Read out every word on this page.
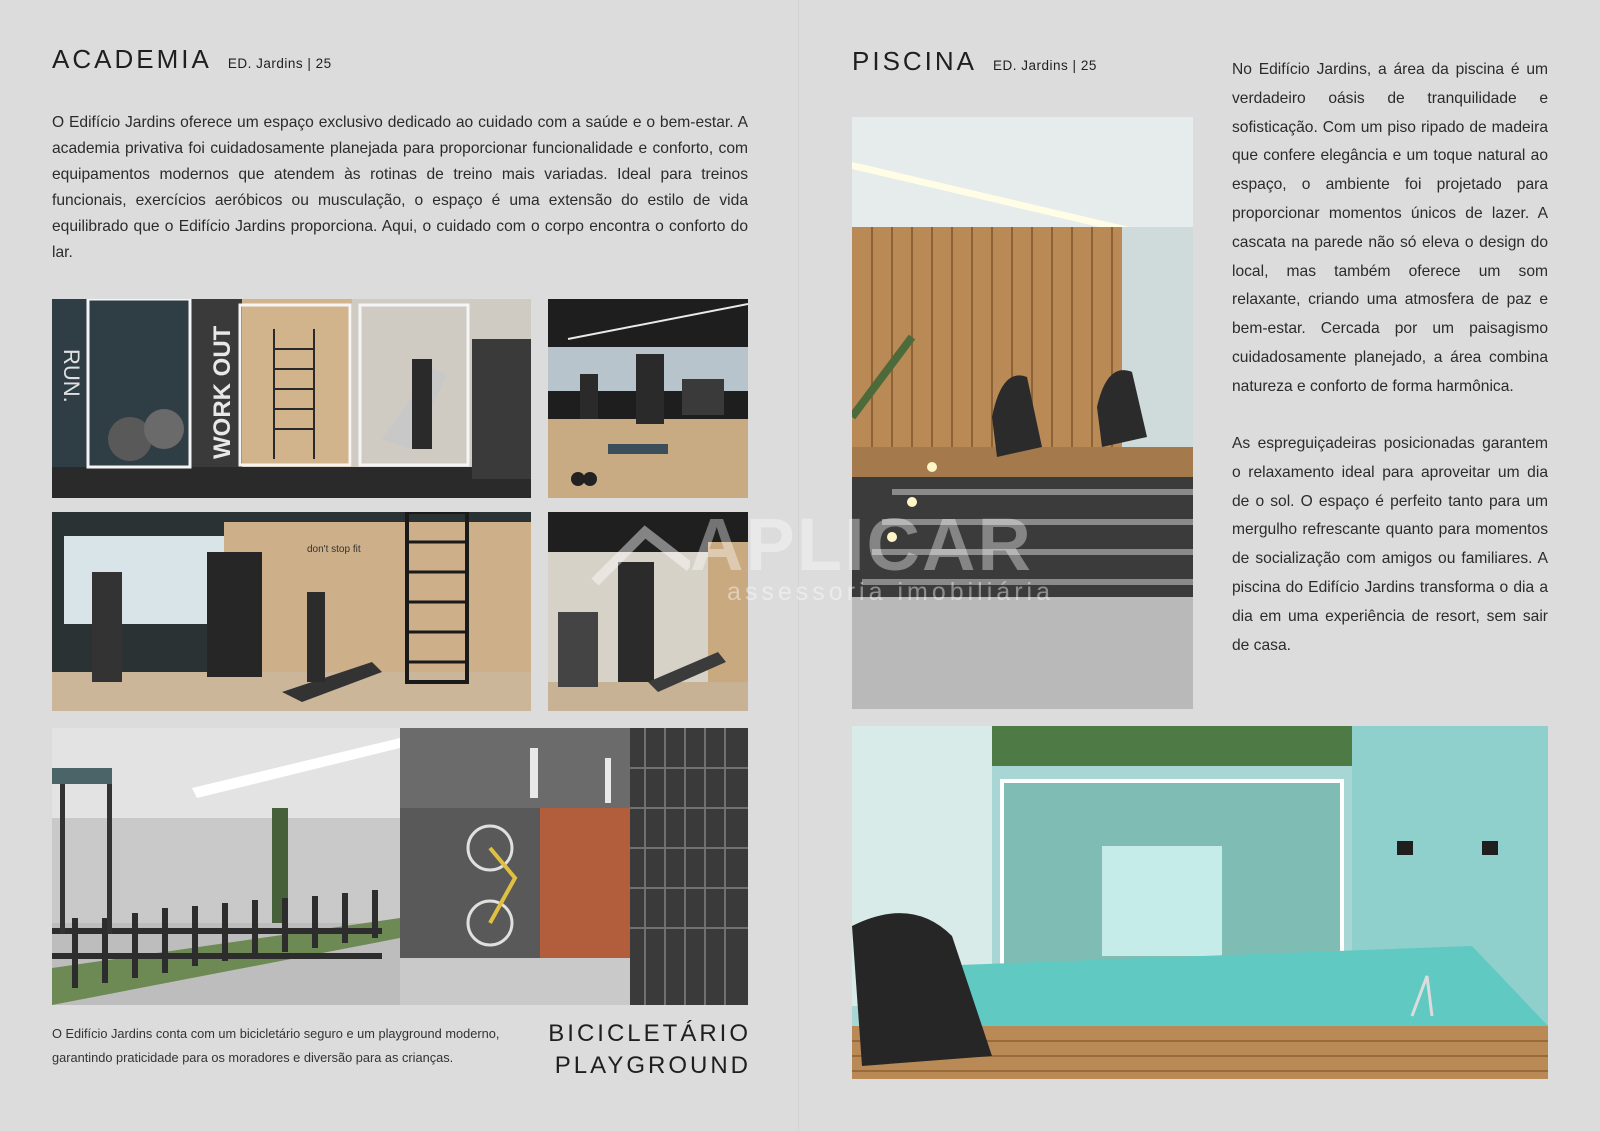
ACADEMIA ED. Jardins | 25

O Edifício Jardins oferece um espaço exclusivo dedicado ao cuidado com a saúde e o bem-estar. A academia privativa foi cuidadosamente planejada para proporcionar funcionalidade e conforto, com equipamentos modernos que atendem às rotinas de treino mais variadas. Ideal para treinos funcionais, exercícios aeróbicos ou musculação, o espaço é uma extensão do estilo de vida equilibrado que o Edifício Jardins proporciona. Aqui, o cuidado com o corpo encontra o conforto do lar.

WORK OUT
RUN.
don't stop fit
O Edifício Jardins conta com um bicicletário seguro e um playground moderno, garantindo praticidade para os moradores e diversão para as crianças.
BICICLETÁRIO
PLAYGROUND
PISCINA ED. Jardins | 25	No Edifício Jardins, a área da piscina é um verdadeiro oásis de tranquilidade e sofisticação. Com um piso ripado de madeira que confere elegância e um toque natural ao espaço, o ambiente foi projetado para proporcionar momentos únicos de lazer. A cascata na parede não só eleva o design do local, mas também oferece um som relaxante, criando uma atmosfera de paz e bem-estar. Cercada por um paisagismo cuidadosamente planejado, a área combina natureza e conforto de forma harmônica.

As espreguiçadeiras posicionadas garantem o relaxamento ideal para aproveitar um dia de o sol. O espaço é perfeito tanto para um mergulho refrescante quanto para momentos de socialização com amigos ou familiares. A piscina do Edifício Jardins transforma o dia a dia em uma experiência de resort, sem sair de casa.

APLICAR
assessoria imobiliária
